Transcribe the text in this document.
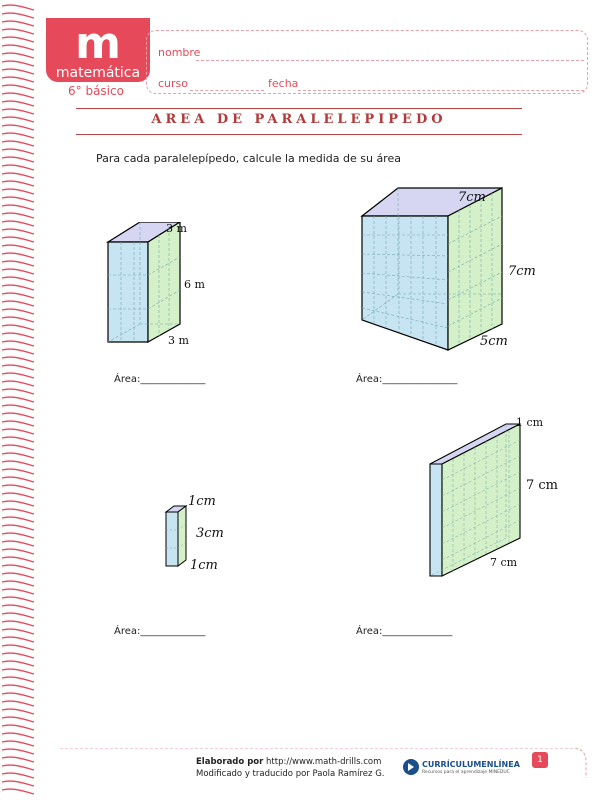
m
matemática
6° básico
nombre
curso	fecha
AREA DE PARALELEPIPEDO
Para cada paralelepípedo, calcule la medida de su área
3 m
6 m
3 m
Área:_____________
7cm
7cm
5cm
Área:_______________
1cm
3cm
1cm
Área:_____________
1 cm
7 cm
7 cm
Área:______________
Elaborado por http://www.math-drills.com
Modificado y traducido por Paola Ramírez G.
CURRÍCULUMENLÍNEA
Recursos para el aprendizaje MINEDUC
1
